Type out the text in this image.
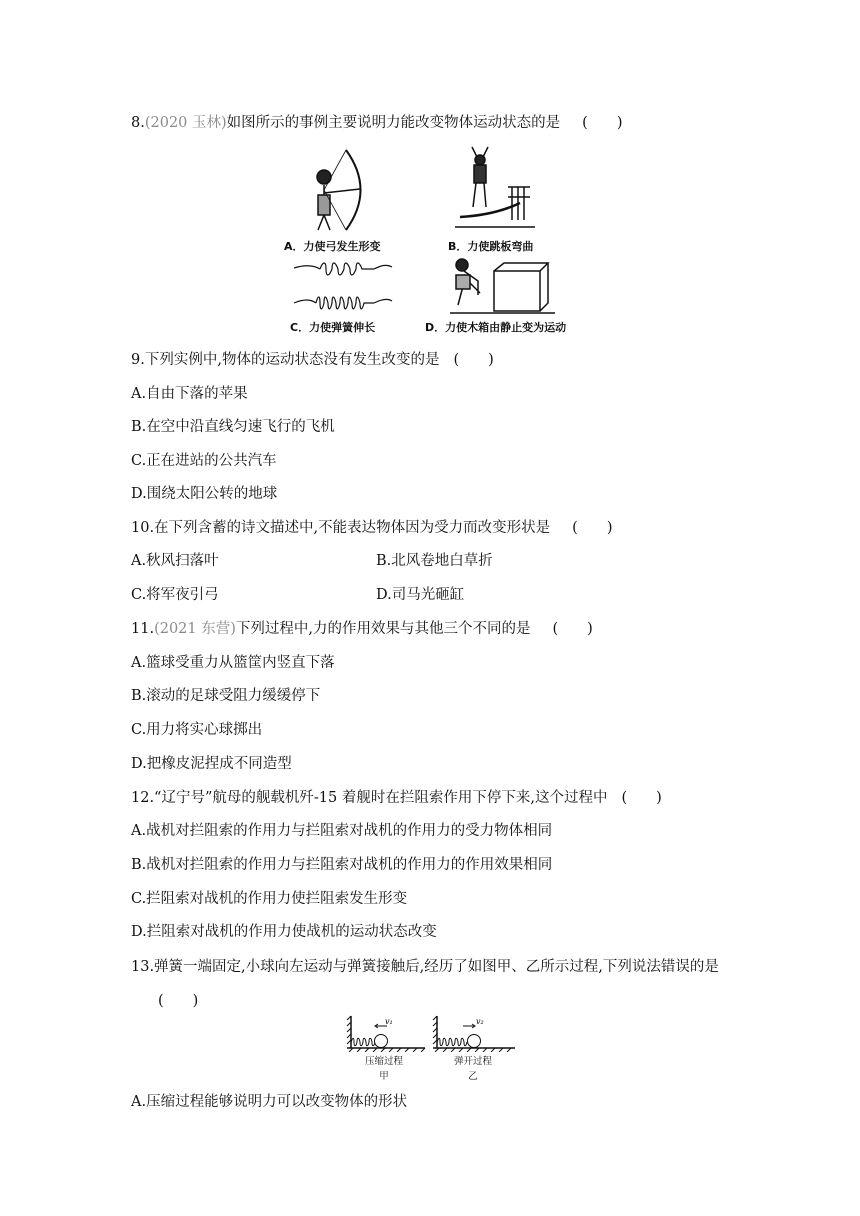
8.(2020 玉林)如图所示的事例主要说明力能改变物体运动状态的是 (　　)
A．力使弓发生形变	B．力使跳板弯曲
C．力使弹簧伸长	D．力使木箱由静止变为运动
9.下列实例中,物体的运动状态没有发生改变的是 (　　)
A.自由下落的苹果
B.在空中沿直线匀速飞行的飞机
C.正在进站的公共汽车
D.围绕太阳公转的地球
10.在下列含蓄的诗文描述中,不能表达物体因为受力而改变形状是 (　　)
A.秋风扫落叶	B.北风卷地白草折
C.将军夜引弓	D.司马光砸缸
11.(2021 东营)下列过程中,力的作用效果与其他三个不同的是 (　　)
A.篮球受重力从篮筐内竖直下落
B.滚动的足球受阻力缓缓停下
C.用力将实心球掷出
D.把橡皮泥捏成不同造型
12.“辽宁号”航母的舰载机歼-15 着舰时在拦阻索作用下停下来,这个过程中 (　　)
A.战机对拦阻索的作用力与拦阻索对战机的作用力的受力物体相同
B.战机对拦阻索的作用力与拦阻索对战机的作用力的作用效果相同
C.拦阻索对战机的作用力使拦阻索发生形变
D.拦阻索对战机的作用力使战机的运动状态改变
13.弹簧一端固定,小球向左运动与弹簧接触后,经历了如图甲、乙所示过程,下列说法错误的是
(　　)
v₁	v₂
压缩过程	弹开过程
甲	乙
A.压缩过程能够说明力可以改变物体的形状
